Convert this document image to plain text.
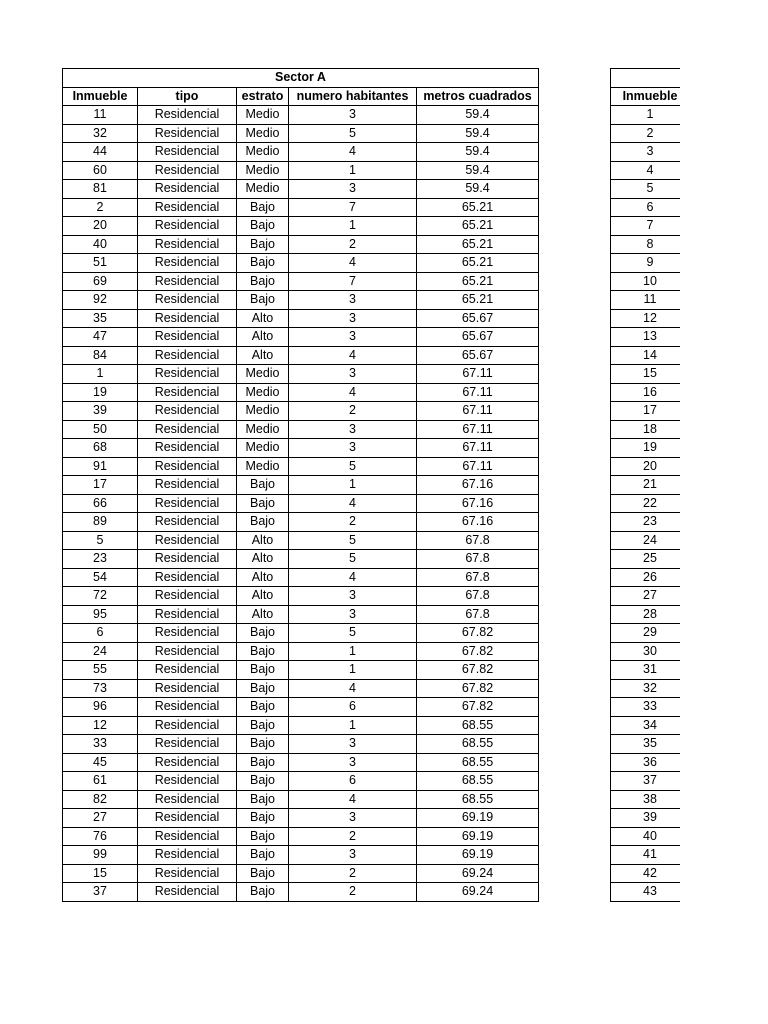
Sector A				
Inmueble	tipo	estrato	numero habitantes	metros cuadrados
11	Residencial	Medio	3	59.4
32	Residencial	Medio	5	59.4
44	Residencial	Medio	4	59.4
60	Residencial	Medio	1	59.4
81	Residencial	Medio	3	59.4
2	Residencial	Bajo	7	65.21
20	Residencial	Bajo	1	65.21
40	Residencial	Bajo	2	65.21
51	Residencial	Bajo	4	65.21
69	Residencial	Bajo	7	65.21
92	Residencial	Bajo	3	65.21
35	Residencial	Alto	3	65.67
47	Residencial	Alto	3	65.67
84	Residencial	Alto	4	65.67
1	Residencial	Medio	3	67.11
19	Residencial	Medio	4	67.11
39	Residencial	Medio	2	67.11
50	Residencial	Medio	3	67.11
68	Residencial	Medio	3	67.11
91	Residencial	Medio	5	67.11
17	Residencial	Bajo	1	67.16
66	Residencial	Bajo	4	67.16
89	Residencial	Bajo	2	67.16
5	Residencial	Alto	5	67.8
23	Residencial	Alto	5	67.8
54	Residencial	Alto	4	67.8
72	Residencial	Alto	3	67.8
95	Residencial	Alto	3	67.8
6	Residencial	Bajo	5	67.82
24	Residencial	Bajo	1	67.82
55	Residencial	Bajo	1	67.82
73	Residencial	Bajo	4	67.82
96	Residencial	Bajo	6	67.82
12	Residencial	Bajo	1	68.55
33	Residencial	Bajo	3	68.55
45	Residencial	Bajo	3	68.55
61	Residencial	Bajo	6	68.55
82	Residencial	Bajo	4	68.55
27	Residencial	Bajo	3	69.19
76	Residencial	Bajo	2	69.19
99	Residencial	Bajo	3	69.19
15	Residencial	Bajo	2	69.24
37	Residencial	Bajo	2	69.24

Inmueble
1
2
3
4
5
6
7
8
9
10
11
12
13
14
15
16
17
18
19
20
21
22
23
24
25
26
27
28
29
30
31
32
33
34
35
36
37
38
39
40
41
42
43
